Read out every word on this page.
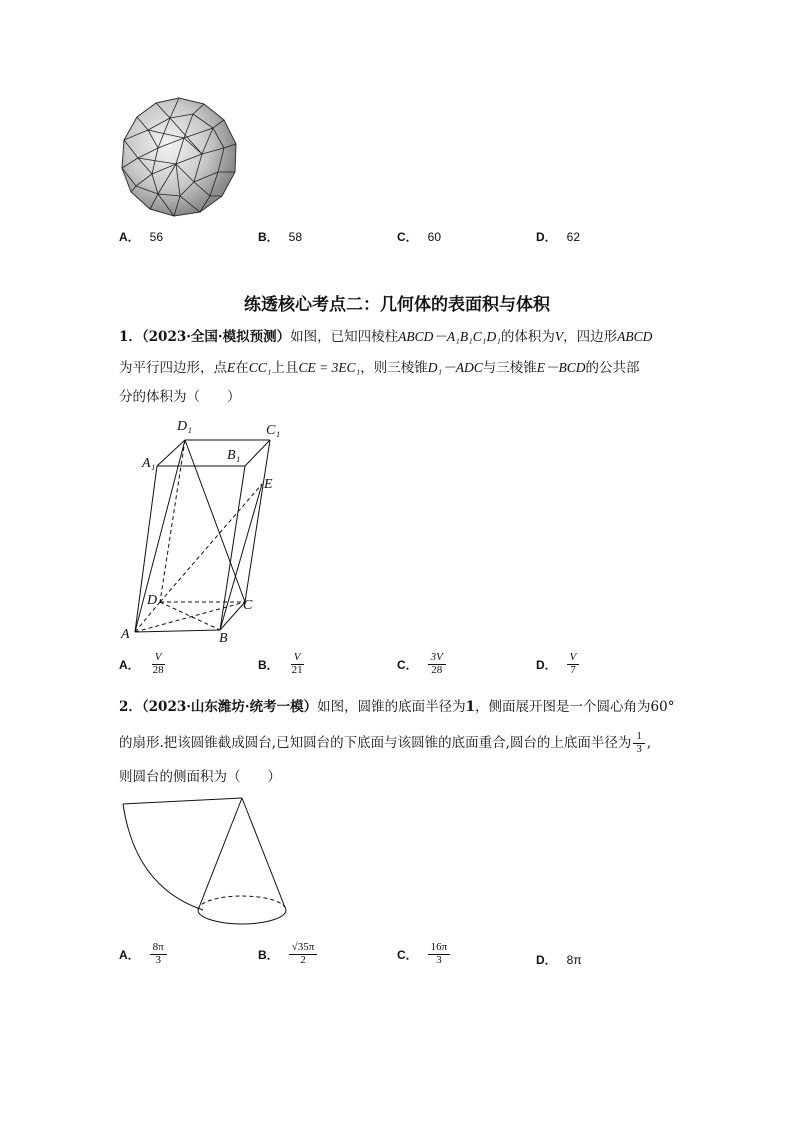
A． 56	B． 58	C． 60	D． 62
练透核心考点二：几何体的表面积与体积
1．（2023·全国·模拟预测）如图，已知四棱柱ABCD－A₁B₁C₁D₁的体积为V，四边形ABCD
为平行四边形，点E在CC₁上且CE = 3EC₁，则三棱锥D₁－ADC与三棱锥E－BCD的公共部
分的体积为（　　）
D₁	C₁
A₁
B₁
E
D	C
A	B
A． $\frac{V}{28}$	B． $\frac{V}{21}$	C． $\frac{3V}{28}$	D． $\frac{V}{7}$
2．（2023·山东潍坊·统考一模）如图，圆锥的底面半径为1，侧面展开图是一个圆心角为60°
的扇形.把该圆锥截成圆台,已知圆台的下底面与该圆锥的底面重合,圆台的上底面半径为 $\frac{1}{3}$ ,
则圆台的侧面积为（　　）
A． $\frac{8\pi}{3}$	B． $\frac{√35\pi}{2}$	C． $\frac{16\pi}{3}$	D． 8π
